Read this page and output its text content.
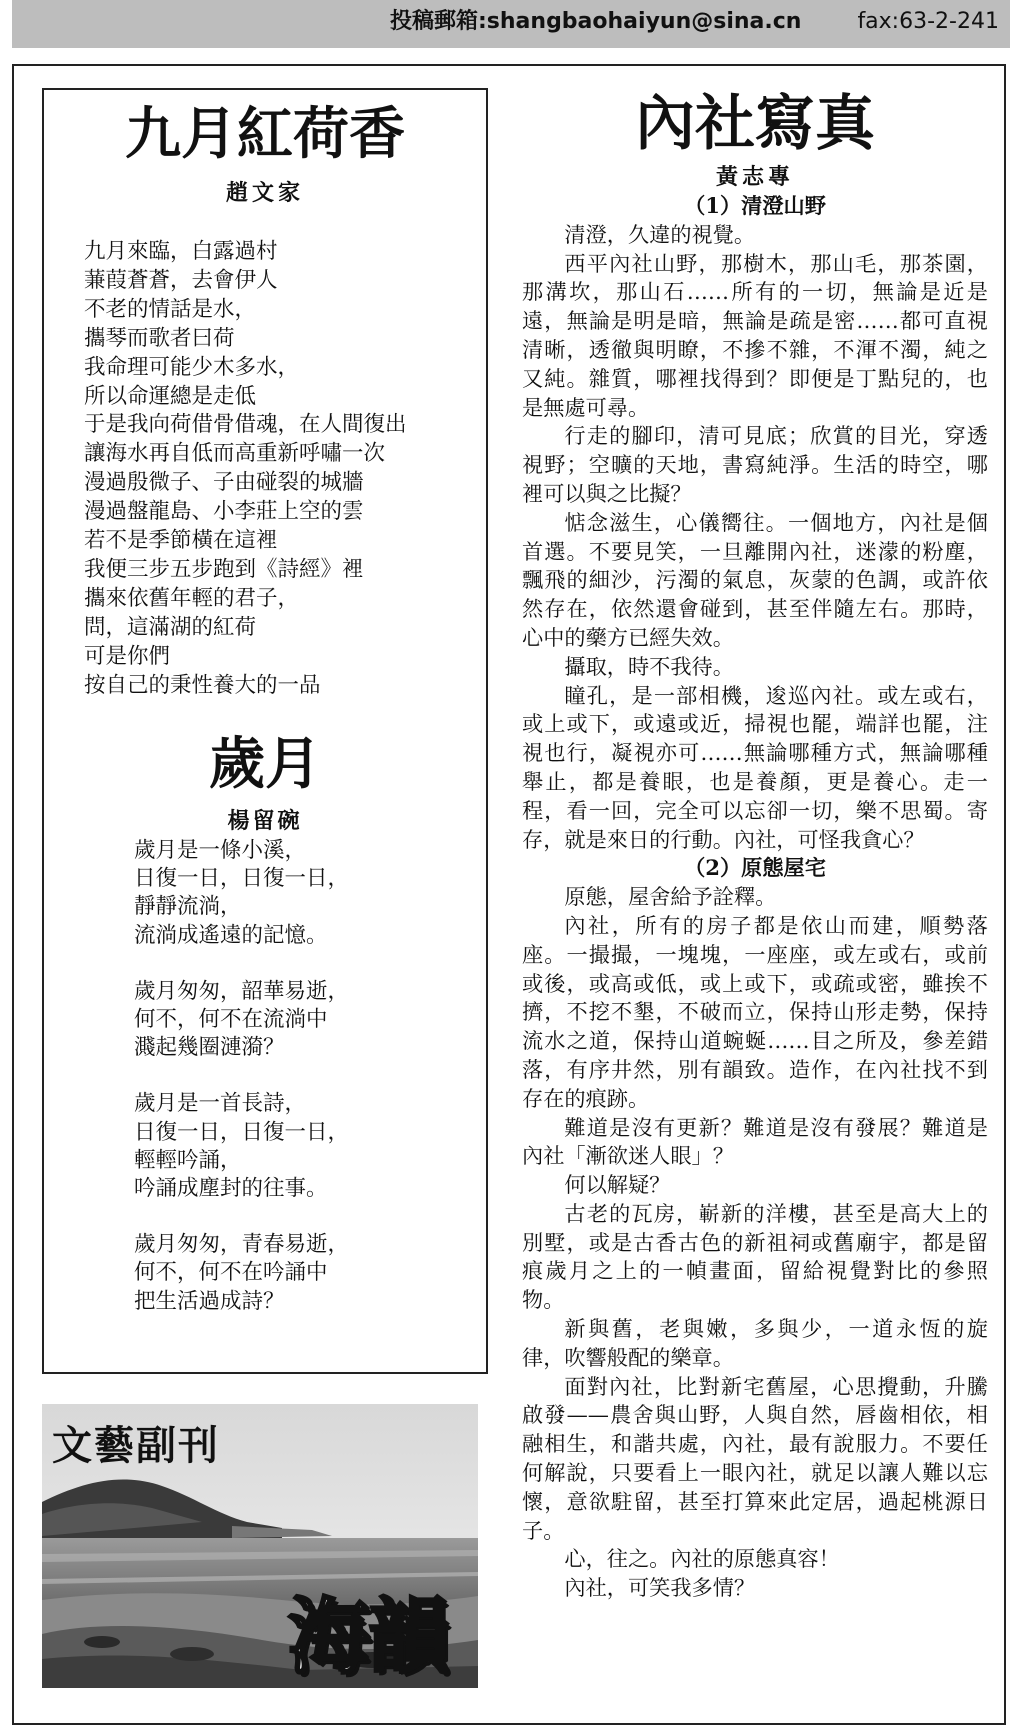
投稿郵箱:shangbaohaiyun@sina.cn	fax:63-2-241
九月紅荷香
趙文家
九月來臨，白露過村
蒹葭蒼蒼，去會伊人
不老的情話是水，
攜琴而歌者曰荷
我命理可能少木多水，
所以命運總是走低
于是我向荷借骨借魂，在人間復出
讓海水再自低而高重新呼嘯一次
漫過殷微子、子由碰裂的城牆
漫過盤龍島、小李莊上空的雲
若不是季節橫在這裡
我便三步五步跑到《詩經》裡
攜來依舊年輕的君子，
問，這滿湖的紅荷
可是你們
按自己的秉性養大的一品
歲月
楊留碗
歲月是一條小溪，
日復一日，日復一日，
靜靜流淌，
流淌成遙遠的記憶。
歲月匆匆，韶華易逝，
何不，何不在流淌中
濺起幾圈漣漪？
歲月是一首長詩，
日復一日，日復一日，
輕輕吟誦，
吟誦成塵封的往事。
歲月匆匆，青春易逝，
何不，何不在吟誦中
把生活過成詩？
文藝副刊
海韻
內社寫真
黃志專
（1）清澄山野

清澄，久違的視覺。

西平內社山野，那樹木，那山毛，那茶園，那溝坎，那山石……所有的一切，無論是近是遠，無論是明是暗，無論是疏是密……都可直視清晰，透徹與明瞭，不摻不雜，不渾不濁，純之又純。雜質，哪裡找得到？即便是丁點兒的，也是無處可尋。

行走的腳印，清可見底；欣賞的目光，穿透視野；空曠的天地，書寫純淨。生活的時空，哪裡可以與之比擬？

惦念滋生，心儀嚮往。一個地方，內社是個首選。不要見笑，一旦離開內社，迷濛的粉塵，飄飛的細沙，污濁的氣息，灰蒙的色調，或許依然存在，依然還會碰到，甚至伴隨左右。那時，心中的藥方已經失效。

攝取，時不我待。

瞳孔，是一部相機，逡巡內社。或左或右，或上或下，或遠或近，掃視也罷，端詳也罷，注視也行，凝視亦可……無論哪種方式，無論哪種舉止，都是養眼，也是養顏，更是養心。走一程，看一回，完全可以忘卻一切，樂不思蜀。寄存，就是來日的行動。內社，可怪我貪心？

（2）原態屋宅

原態，屋舍給予詮釋。

內社，所有的房子都是依山而建，順勢落座。一撮撮，一塊塊，一座座，或左或右，或前或後，或高或低，或上或下，或疏或密，雖挨不擠，不挖不墾，不破而立，保持山形走勢，保持流水之道，保持山道蜿蜒……目之所及，參差錯落，有序井然，別有韻致。造作，在內社找不到存在的痕跡。

難道是沒有更新？難道是沒有發展？難道是內社「漸欲迷人眼」？

何以解疑？

古老的瓦房，嶄新的洋樓，甚至是高大上的別墅，或是古香古色的新祖祠或舊廟宇，都是留痕歲月之上的一幀畫面，留給視覺對比的參照物。

新與舊，老與嫩，多與少，一道永恆的旋律，吹響般配的樂章。

面對內社，比對新宅舊屋，心思攪動，升騰啟發——農舍與山野，人與自然，唇齒相依，相融相生，和諧共處，內社，最有說服力。不要任何解說，只要看上一眼內社，就足以讓人難以忘懷，意欲駐留，甚至打算來此定居，過起桃源日子。

心，往之。內社的原態真容！

內社，可笑我多情？
